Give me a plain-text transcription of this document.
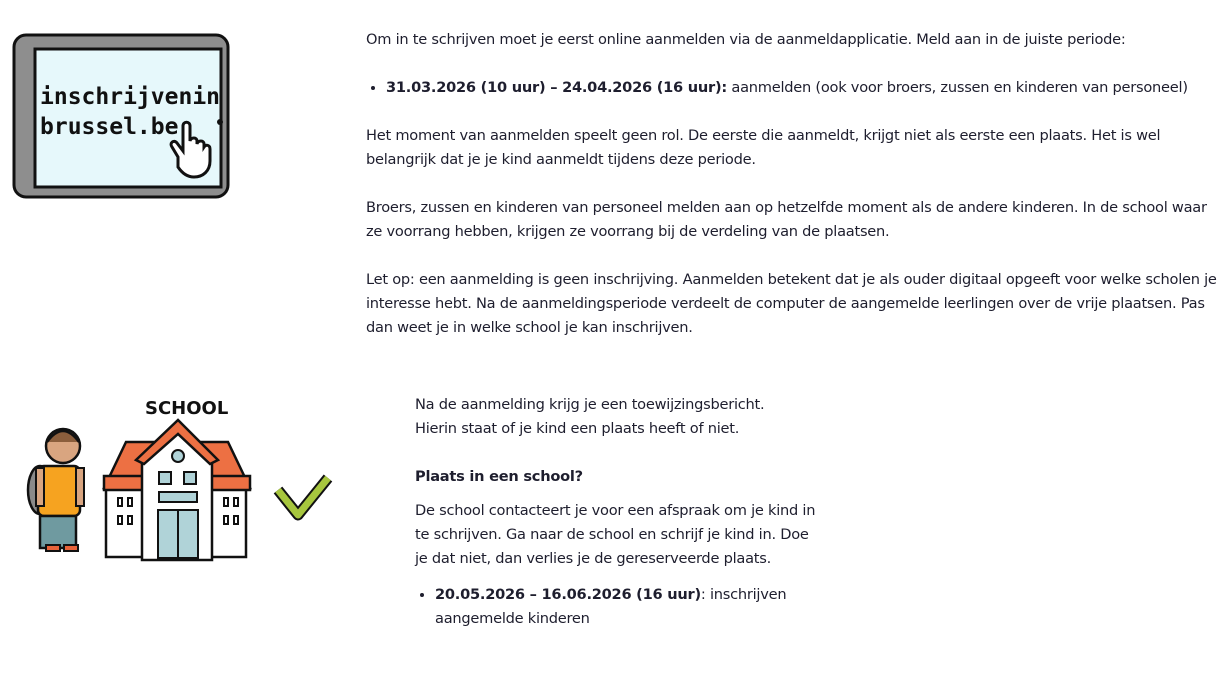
inschrijvenin
brussel.be
SCHOOL

Om in te schrijven moet je eerst online aanmelden via de aanmeldapplicatie. Meld aan in de juiste periode:

• 31.03.2026 (10 uur) – 24.04.2026 (16 uur): aanmelden (ook voor broers, zussen en kinderen van personeel)

Het moment van aanmelden speelt geen rol. De eerste die aanmeldt, krijgt niet als eerste een plaats. Het is wel belangrijk dat je je kind aanmeldt tijdens deze periode.

Broers, zussen en kinderen van personeel melden aan op hetzelfde moment als de andere kinderen. In de school waar ze voorrang hebben, krijgen ze voorrang bij de verdeling van de plaatsen.

Let op: een aanmelding is geen inschrijving. Aanmelden betekent dat je als ouder digitaal opgeeft voor welke scholen je interesse hebt. Na de aanmeldingsperiode verdeelt de computer de aangemelde leerlingen over de vrije plaatsen. Pas dan weet je in welke school je kan inschrijven.

Na de aanmelding krijg je een toewijzingsbericht.
Hierin staat of je kind een plaats heeft of niet.

Plaats in een school?

De school contacteert je voor een afspraak om je kind in te schrijven. Ga naar de school en schrijf je kind in. Doe je dat niet, dan verlies je de gereserveerde plaats.

• 20.05.2026 – 16.06.2026 (16 uur): inschrijven aangemelde kinderen
